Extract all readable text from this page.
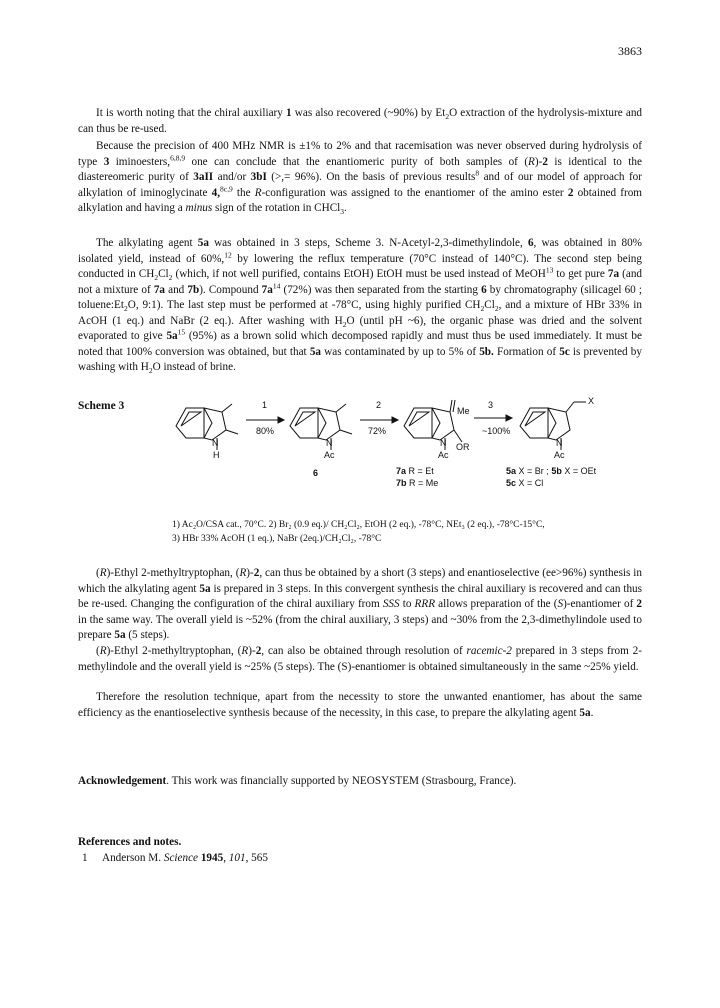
3863

It is worth noting that the chiral auxiliary 1 was also recovered (~90%) by $Et_2O$ extraction of the hydrolysis-mixture and can thus be re-used.

Because the precision of 400 MHz NMR is ±1% to 2% and that racemisation was never observed during hydrolysis of type 3 iminoesters,$^{6,8,9}$ one can conclude that the enantiomeric purity of both samples of (R)-2 is identical to the diastereomeric purity of 3aII and/or 3bI (>,= 96%). On the basis of previous results$^8$ and of our model of approach for alkylation of iminoglycinate 4,$^{8c,9}$ the R-configuration was assigned to the enantiomer of the amino ester 2 obtained from alkylation and having a minus sign of the rotation in CHCl$_3$.

The alkylating agent 5a was obtained in 3 steps, Scheme 3. N-Acetyl-2,3-dimethylindole, 6, was obtained in 80% isolated yield, instead of 60%,$^{12}$ by lowering the reflux temperature (70°C instead of 140°C). The second step being conducted in $CH_2Cl_2$ (which, if not well purified, contains EtOH) EtOH must be used instead of MeOH$^{13}$ to get pure 7a (and not a mixture of 7a and 7b). Compound $7a^{14}$ (72%) was then separated from the starting 6 by chromatography (silicagel 60 ; $toluene:Et_2O$, 9:1). The last step must be performed at -78°C, using highly purified $CH_2Cl_2$, and a mixture of HBr 33% in AcOH (1 eq.) and NaBr (2 eq.). After washing with $H_2O$ (until pH ~6), the organic phase was dried and the solvent evaporated to give $5a^{15}$ (95%) as a brown solid which decomposed rapidly and must thus be used immediately. It must be noted that 100% conversion was obtained, but that 5a was contaminated by up to 5% of 5b. Formation of 5c is prevented by washing with $H_2O$ instead of brine.

Scheme 3	1
80%
2
72%
3
~100%
N
H
N
Ac
Me
N OR
Ac
X
N
Ac
6	7a R = Et
7b R = Me
5a X = Br ; 5b X = OEt
5c X = Cl
1) Ac₂O/CSA cat., 70°C. 2) Br₂ (0.9 eq.)/ CH₂Cl₂, EtOH (2 eq.), -78°C, NEt₃ (2 eq.), -78°C-15°C,
3) HBr 33% AcOH (1 eq.), NaBr (2eq.)/CH₂Cl₂, -78°C

(R)-Ethyl 2-methyltryptophan, (R)-2, can thus be obtained by a short (3 steps) and enantioselective (ee>96%) synthesis in which the alkylating agent 5a is prepared in 3 steps. In this convergent synthesis the chiral auxiliary is recovered and can thus be re-used. Changing the configuration of the chiral auxiliary from SSS to RRR allows preparation of the (S)-enantiomer of 2 in the same way. The overall yield is ~52% (from the chiral auxiliary, 3 steps) and ~30% from the 2,3-dimethylindole used to prepare 5a (5 steps).

(R)-Ethyl 2-methyltryptophan, (R)-2, can also be obtained through resolution of racemic-2 prepared in 3 steps from 2-methylindole and the overall yield is ~25% (5 steps). The (S)-enantiomer is obtained simultaneously in the same ~25% yield.

Therefore the resolution technique, apart from the necessity to store the unwanted enantiomer, has about the same efficiency as the enantioselective synthesis because of the necessity, in this case, to prepare the alkylating agent 5a.

Acknowledgement. This work was financially supported by NEOSYSTEM (Strasbourg, France).

References and notes.
1 Anderson M. Science 1945, 101, 565
